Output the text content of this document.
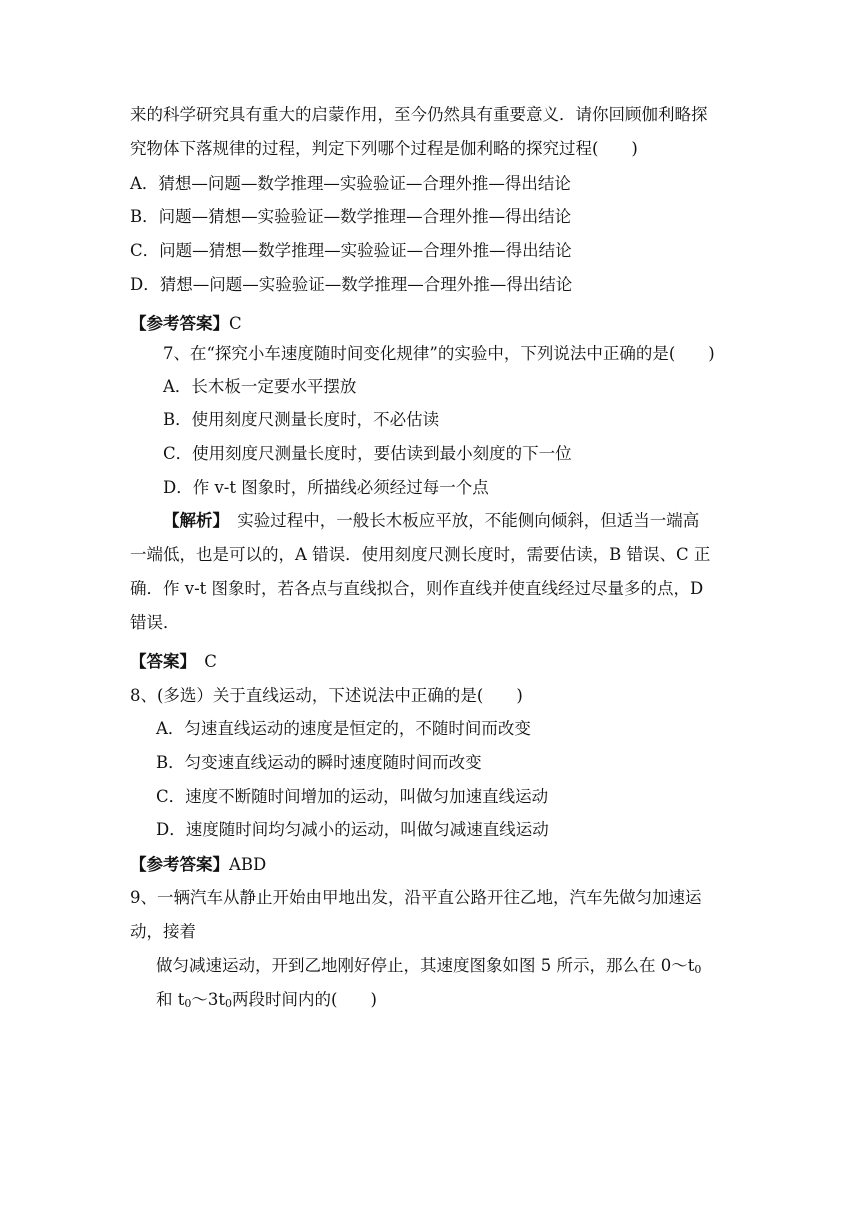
来的科学研究具有重大的启蒙作用，至今仍然具有重要意义．请你回顾伽利略探

究物体下落规律的过程，判定下列哪个过程是伽利略的探究过程(　　)

A．猜想—问题—数学推理—实验验证—合理外推—得出结论

B．问题—猜想—实验验证—数学推理—合理外推—得出结论

C．问题—猜想—数学推理—实验验证—合理外推—得出结论

D．猜想—问题—实验验证—数学推理—合理外推—得出结论

【参考答案】C

7、在“探究小车速度随时间变化规律”的实验中，下列说法中正确的是(　　)

A．长木板一定要水平摆放

B．使用刻度尺测量长度时，不必估读

C．使用刻度尺测量长度时，要估读到最小刻度的下一位

D．作 v-t 图象时，所描线必须经过每一个点

【解析】　实验过程中，一般长木板应平放，不能侧向倾斜，但适当一端高

一端低，也是可以的，A 错误．使用刻度尺测长度时，需要估读，B 错误、C 正

确．作 v-t 图象时，若各点与直线拟合，则作直线并使直线经过尽量多的点，D

错误．

【答案】　C

8、(多选）关于直线运动，下述说法中正确的是(　　)

A．匀速直线运动的速度是恒定的，不随时间而改变

B．匀变速直线运动的瞬时速度随时间而改变

C．速度不断随时间增加的运动，叫做匀加速直线运动

D．速度随时间均匀减小的运动，叫做匀减速直线运动

【参考答案】ABD

9、一辆汽车从静止开始由甲地出发，沿平直公路开往乙地，汽车先做匀加速运

动，接着

做匀减速运动，开到乙地刚好停止，其速度图象如图 5 所示，那么在 $0\sim t_0$

和 $t_0\sim 3t_0$两段时间内的(　　)
